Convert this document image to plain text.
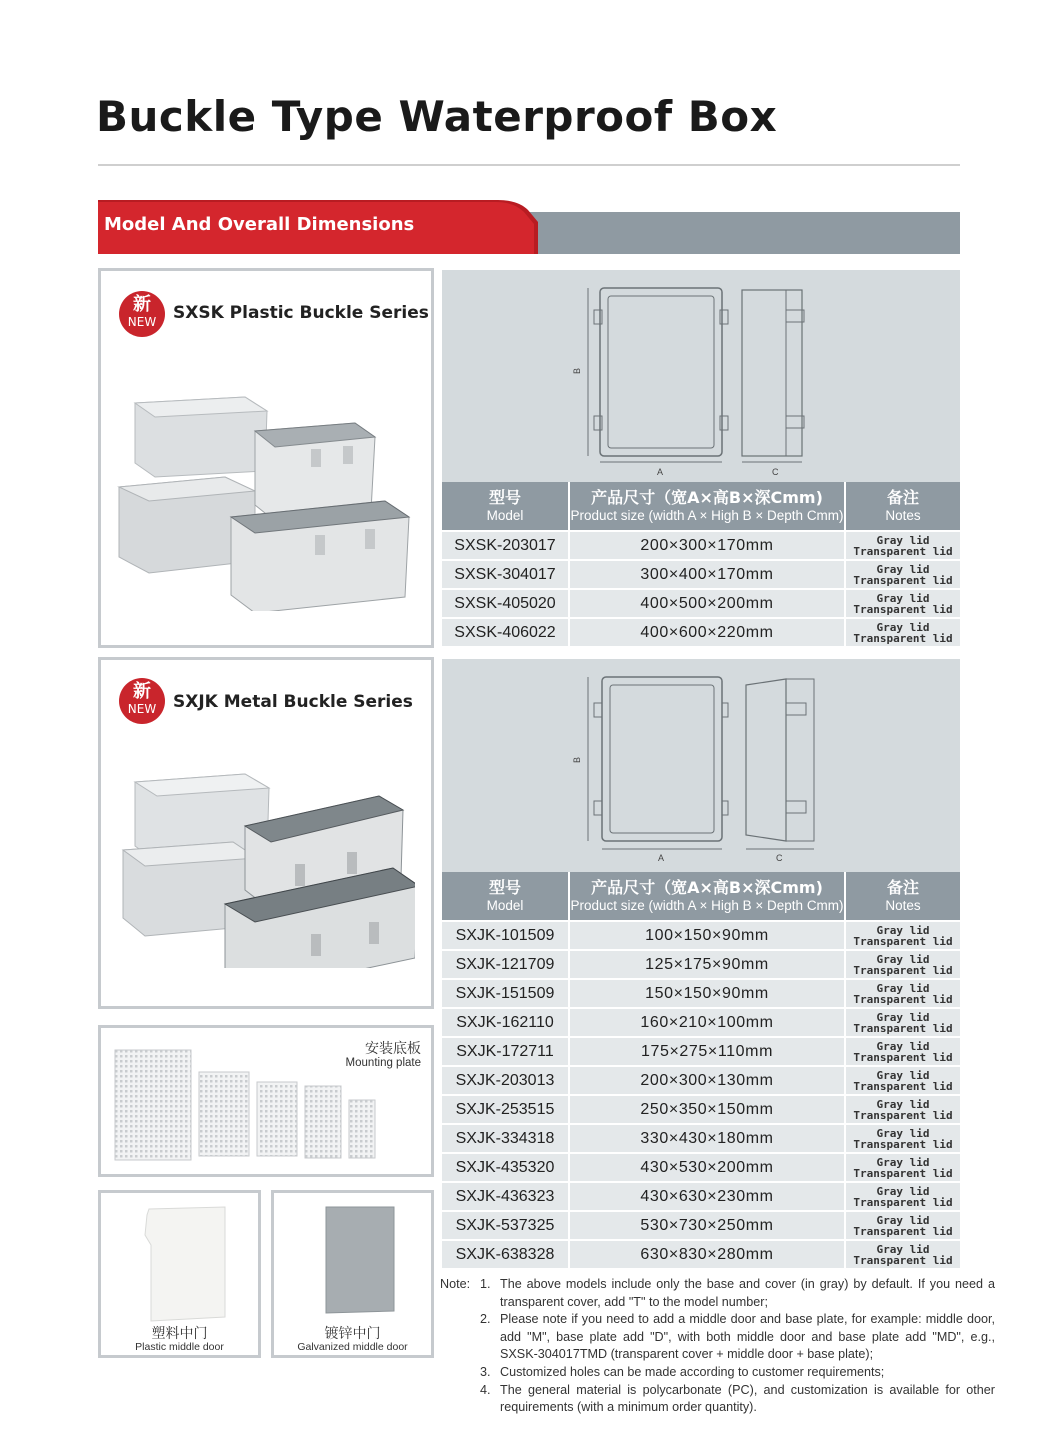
Buckle Type Waterproof Box
Model And Overall Dimensions
新
NEW SXSK Plastic Buckle Series
B
A	C
型号
Model
产品尺寸（宽A×高B×深Cmm)
Product size (width A × High B × Depth Cmm)
备注
Notes
SXSK-203017	200×300×170mm	Gray lid
Transparent lid
SXSK-304017	300×400×170mm	Gray lid
Transparent lid
SXSK-405020	400×500×200mm	Gray lid
Transparent lid
SXSK-406022	400×600×220mm	Gray lid
Transparent lid
新
NEW SXJK Metal Buckle Series
B
A	C
型号
Model
产品尺寸（宽A×高B×深Cmm)
Product size (width A × High B × Depth Cmm)
备注
Notes
SXJK-101509	100×150×90mm	Gray lid
Transparent lid
SXJK-121709	125×175×90mm	Gray lid
Transparent lid
SXJK-151509	150×150×90mm	Gray lid
Transparent lid
SXJK-162110	160×210×100mm	Gray lid
Transparent lid
SXJK-172711	175×275×110mm	Gray lid
Transparent lid
SXJK-203013	200×300×130mm	Gray lid
Transparent lid
SXJK-253515	250×350×150mm	Gray lid
Transparent lid
SXJK-334318	330×430×180mm	Gray lid
Transparent lid
SXJK-435320	430×530×200mm	Gray lid
Transparent lid
SXJK-436323	430×630×230mm	Gray lid
Transparent lid
SXJK-537325	530×730×250mm	Gray lid
Transparent lid
SXJK-638328	630×830×280mm	Gray lid
Transparent lid
安装底板
Mounting plate
塑料中门
Plastic middle door
镀锌中门
Galvanized middle door
Note: 1. The above models include only the base and cover (in gray) by default. If you need a transparent cover, add "T" to the model number;
2. Please note if you need to add a middle door and base plate, for example: middle door, add "M", base plate add "D", with both middle door and base plate add "MD", e.g., SXSK-304017TMD (transparent cover + middle door + base plate);
3. Customized holes can be made according to customer requirements;
4. The general material is polycarbonate (PC), and customization is available for other requirements (with a minimum order quantity).
